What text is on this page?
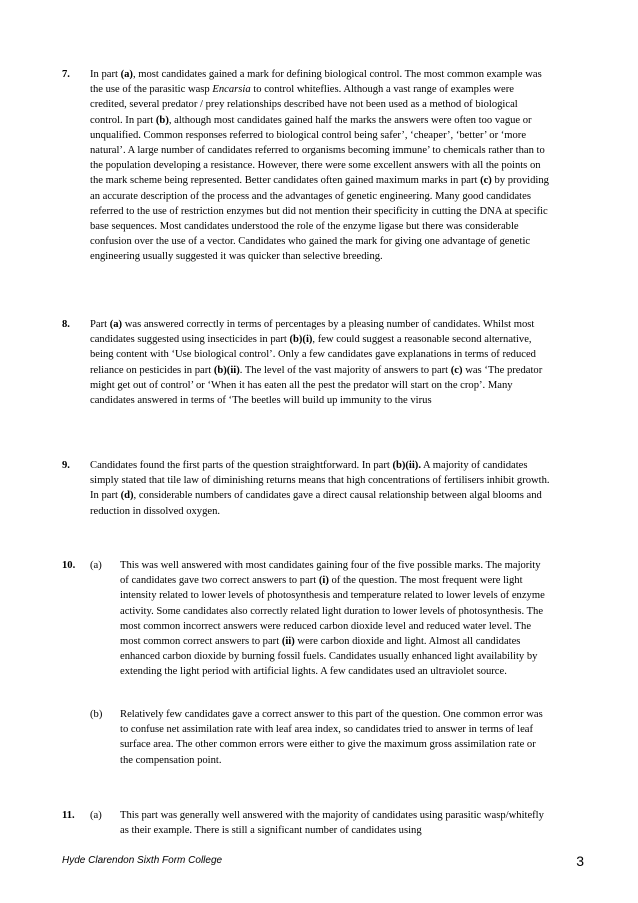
7. In part (a), most candidates gained a mark for defining biological control. The most common example was the use of the parasitic wasp Encarsia to control whiteflies. Although a vast range of examples were credited, several predator / prey relationships described have not been used as a method of biological control. In part (b), although most candidates gained half the marks the answers were often too vague or unqualified. Common responses referred to biological control being safer’, ‘cheaper’, ‘better’ or ‘more natural’. A large number of candidates referred to organisms becoming immune’ to chemicals rather than to the population developing a resistance. However, there were some excellent answers with all the points on the mark scheme being represented. Better candidates often gained maximum marks in part (c) by providing an accurate description of the process and the advantages of genetic engineering. Many good candidates referred to the use of restriction enzymes but did not mention their specificity in cutting the DNA at specific base sequences. Most candidates understood the role of the enzyme ligase but there was considerable confusion over the use of a vector. Candidates who gained the mark for giving one advantage of genetic engineering usually suggested it was quicker than selective breeding.
8. Part (a) was answered correctly in terms of percentages by a pleasing number of candidates. Whilst most candidates suggested using insecticides in part (b)(i), few could suggest a reasonable second alternative, being content with ‘Use biological control’. Only a few candidates gave explanations in terms of reduced reliance on pesticides in part (b)(ii). The level of the vast majority of answers to part (c) was ‘The predator might get out of control’ or ‘When it has eaten all the pest the predator will start on the crop’. Many candidates answered in terms of ‘The beetles will build up immunity to the virus
9. Candidates found the first parts of the question straightforward. In part (b)(ii). A majority of candidates simply stated that tile law of diminishing returns means that high concentrations of fertilisers inhibit growth. In part (d), considerable numbers of candidates gave a direct causal relationship between algal blooms and reduction in dissolved oxygen.
10. (a) This was well answered with most candidates gaining four of the five possible marks. The majority of candidates gave two correct answers to part (i) of the question. The most frequent were light intensity related to lower levels of photosynthesis and temperature related to lower levels of enzyme activity. Some candidates also correctly related light duration to lower levels of photosynthesis. The most common incorrect answers were reduced carbon dioxide level and reduced water level. The most common correct answers to part (ii) were carbon dioxide and light. Almost all candidates enhanced carbon dioxide by burning fossil fuels. Candidates usually enhanced light availability by extending the light period with artificial lights. A few candidates used an ultraviolet source.
(b) Relatively few candidates gave a correct answer to this part of the question. One common error was to confuse net assimilation rate with leaf area index, so candidates tried to answer in terms of leaf surface area. The other common errors were either to give the maximum gross assimilation rate or the compensation point.
11. (a) This part was generally well answered with the majority of candidates using parasitic wasp/whitefly as their example. There is still a significant number of candidates using
Hyde Clarendon Sixth Form College	3
